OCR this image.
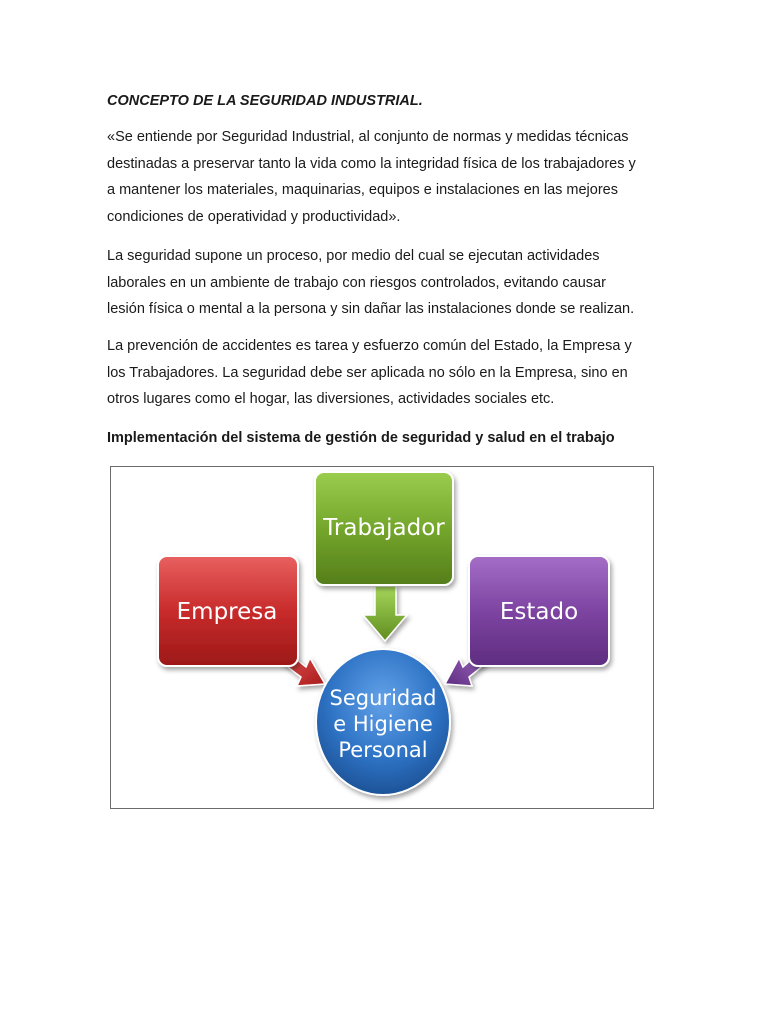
CONCEPTO DE LA SEGURIDAD INDUSTRIAL.

«Se entiende por Seguridad Industrial, al conjunto de normas y medidas técnicas
destinadas a preservar tanto la vida como la integridad física de los trabajadores y
a mantener los materiales, maquinarias, equipos e instalaciones en las mejores
condiciones de operatividad y productividad».

La seguridad supone un proceso, por medio del cual se ejecutan actividades
laborales en un ambiente de trabajo con riesgos controlados, evitando causar
lesión física o mental a la persona y sin dañar las instalaciones donde se realizan.

La prevención de accidentes es tarea y esfuerzo común del Estado, la Empresa y
los Trabajadores. La seguridad debe ser aplicada no sólo en la Empresa, sino en
otros lugares como el hogar, las diversiones, actividades sociales etc.

Implementación del sistema de gestión de seguridad y salud en el trabajo

Trabajador
Empresa	Estado
Seguridad
e Higiene
Personal
